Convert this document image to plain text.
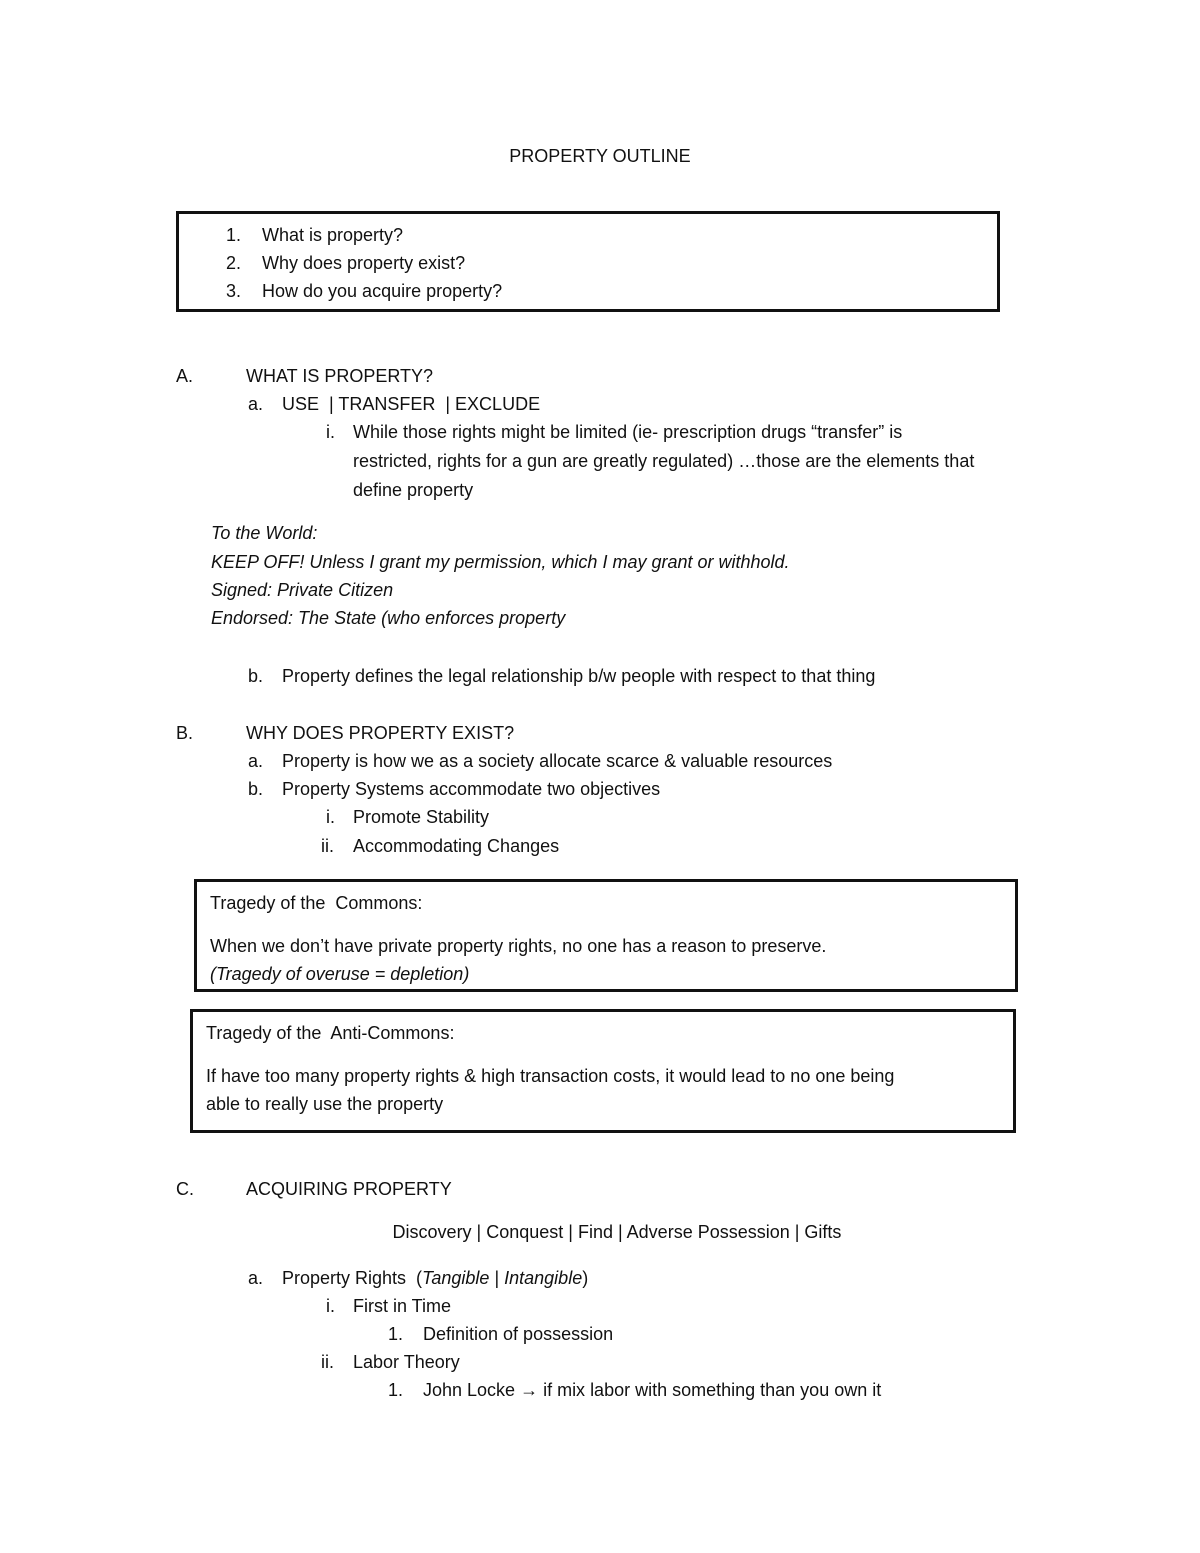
PROPERTY OUTLINE
1. What is property?
2. Why does property exist?
3. How do you acquire property?
A.	WHAT IS PROPERTY?
a. USE  | TRANSFER  | EXCLUDE
i. While those rights might be limited (ie- prescription drugs “transfer” is
restricted, rights for a gun are greatly regulated) …those are the elements that
define property
To the World:
KEEP OFF! Unless I grant my permission, which I may grant or withhold.
Signed: Private Citizen
Endorsed: The State (who enforces property
b. Property defines the legal relationship b/w people with respect to that thing
B.	WHY DOES PROPERTY EXIST?
a. Property is how we as a society allocate scarce & valuable resources
b. Property Systems accommodate two objectives
i. Promote Stability
ii. Accommodating Changes
Tragedy of the  Commons:
When we don’t have private property rights, no one has a reason to preserve.
(Tragedy of overuse = depletion)
Tragedy of the  Anti-Commons:
If have too many property rights & high transaction costs, it would lead to no one being
able to really use the property
C.	ACQUIRING PROPERTY
Discovery | Conquest | Find | Adverse Possession | Gifts
a. Property Rights  (Tangible | Intangible)
i. First in Time
1. Definition of possession
ii. Labor Theory
1. John Locke → if mix labor with something than you own it
